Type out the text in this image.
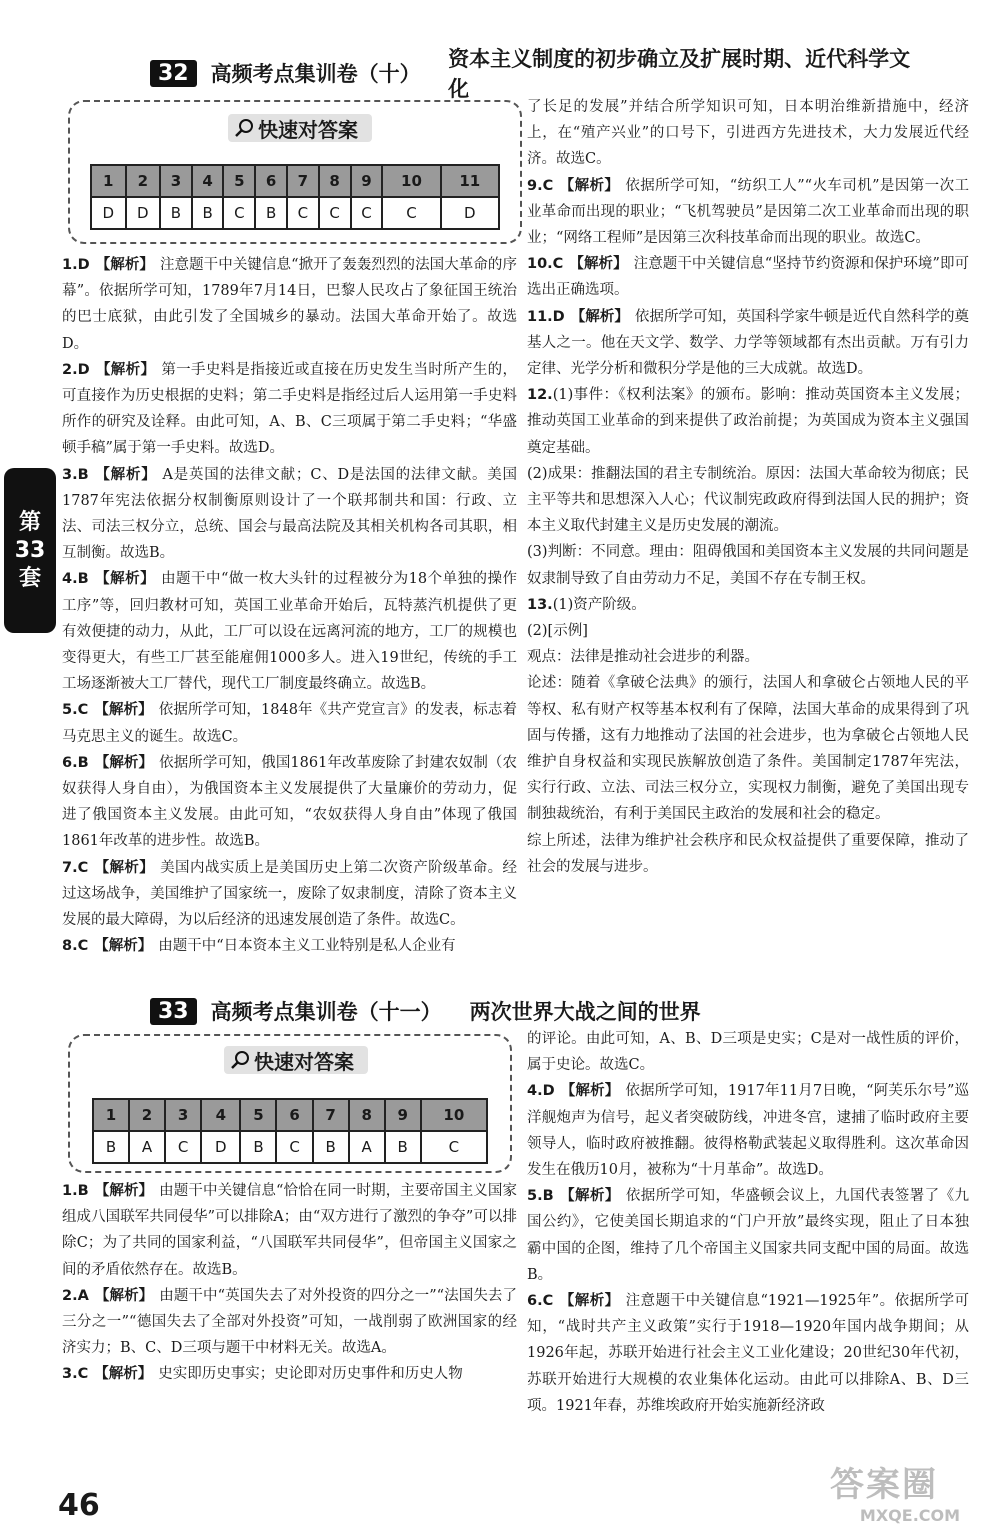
32	高频考点集训卷（十）
资本主义制度的初步确立及扩展时期、近代科学文化
快速对答案
1	2	3	4	5	6	7	8	9	10	11
D	D	B	B	C	B	C	C	C	C	D

1.D 【解析】 注意题干中关键信息“掀开了轰轰烈烈的法国大革命的序幕”。依据所学可知，1789年7月14日，巴黎人民攻占了象征国王统治的巴士底狱，由此引发了全国城乡的暴动。法国大革命开始了。故选D。

2.D 【解析】 第一手史料是指接近或直接在历史发生当时所产生的，可直接作为历史根据的史料；第二手史料是指经过后人运用第一手史料所作的研究及诠释。由此可知，A、B、C三项属于第二手史料；“华盛顿手稿”属于第一手史料。故选D。

3.B 【解析】 A是英国的法律文献；C、D是法国的法律文献。美国1787年宪法依据分权制衡原则设计了一个联邦制共和国：行政、立法、司法三权分立，总统、国会与最高法院及其相关机构各司其职，相互制衡。故选B。

4.B 【解析】 由题干中“做一枚大头针的过程被分为18个单独的操作工序”等，回归教材可知，英国工业革命开始后，瓦特蒸汽机提供了更有效便捷的动力，从此，工厂可以设在远离河流的地方，工厂的规模也变得更大，有些工厂甚至能雇佣1000多人。进入19世纪，传统的手工工场逐渐被大工厂替代，现代工厂制度最终确立。故选B。

5.C 【解析】 依据所学可知，1848年《共产党宣言》的发表，标志着马克思主义的诞生。故选C。

6.B 【解析】 依据所学可知，俄国1861年改革废除了封建农奴制（农奴获得人身自由），为俄国资本主义发展提供了大量廉价的劳动力，促进了俄国资本主义发展。由此可知，“农奴获得人身自由”体现了俄国1861年改革的进步性。故选B。

7.C 【解析】 美国内战实质上是美国历史上第二次资产阶级革命。经过这场战争，美国维护了国家统一，废除了奴隶制度，清除了资本主义发展的最大障碍，为以后经济的迅速发展创造了条件。故选C。

8.C 【解析】 由题干中“日本资本主义工业特别是私人企业有

了长足的发展”并结合所学知识可知，日本明治维新措施中，经济上，在“殖产兴业”的口号下，引进西方先进技术，大力发展近代经济。故选C。

9.C 【解析】 依据所学可知，“纺织工人”“火车司机”是因第一次工业革命而出现的职业；“飞机驾驶员”是因第二次工业革命而出现的职业；“网络工程师”是因第三次科技革命而出现的职业。故选C。

10.C 【解析】 注意题干中关键信息“坚持节约资源和保护环境”即可选出正确选项。

11.D 【解析】 依据所学可知，英国科学家牛顿是近代自然科学的奠基人之一。他在天文学、数学、力学等领域都有杰出贡献。万有引力定律、光学分析和微积分学是他的三大成就。故选D。

12.(1)事件：《权利法案》的颁布。影响：推动英国资本主义发展；推动英国工业革命的到来提供了政治前提；为英国成为资本主义强国奠定基础。

(2)成果：推翻法国的君主专制统治。原因：法国大革命较为彻底；民主平等共和思想深入人心；代议制宪政政府得到法国人民的拥护；资本主义取代封建主义是历史发展的潮流。

(3)判断：不同意。理由：阻碍俄国和美国资本主义发展的共同问题是奴隶制导致了自由劳动力不足，美国不存在专制王权。

13.(1)资产阶级。

(2)[示例]

观点：法律是推动社会进步的利器。

论述：随着《拿破仑法典》的颁行，法国人和拿破仑占领地人民的平等权、私有财产权等基本权利有了保障，法国大革命的成果得到了巩固与传播，这有力地推动了法国的社会进步，也为拿破仑占领地人民维护自身权益和实现民族解放创造了条件。美国制定1787年宪法，实行行政、立法、司法三权分立，实现权力制衡，避免了美国出现专制独裁统治，有利于美国民主政治的发展和社会的稳定。

综上所述，法律为维护社会秩序和民众权益提供了重要保障，推动了社会的发展与进步。

33	高频考点集训卷（十一） 两次世界大战之间的世界
快速对答案
1	2	3	4	5	6	7	8	9	10
B	A	C	D	B	C	B	A	B	C

1.B 【解析】 由题干中关键信息“恰恰在同一时期，主要帝国主义国家组成八国联军共同侵华”可以排除A；由“双方进行了激烈的争夺”可以排除C；为了共同的国家利益，“八国联军共同侵华”，但帝国主义国家之间的矛盾依然存在。故选B。

2.A 【解析】 由题干中“英国失去了对外投资的四分之一”“法国失去了三分之一”“德国失去了全部对外投资”可知，一战削弱了欧洲国家的经济实力；B、C、D三项与题干中材料无关。故选A。

3.C 【解析】 史实即历史事实；史论即对历史事件和历史人物

的评论。由此可知，A、B、D三项是史实；C是对一战性质的评价，属于史论。故选C。

4.D 【解析】 依据所学可知，1917年11月7日晚，“阿芙乐尔号”巡洋舰炮声为信号，起义者突破防线，冲进冬宫，逮捕了临时政府主要领导人，临时政府被推翻。彼得格勒武装起义取得胜利。这次革命因发生在俄历10月，被称为“十月革命”。故选D。

5.B 【解析】 依据所学可知，华盛顿会议上，九国代表签署了《九国公约》，它使美国长期追求的“门户开放”最终实现，阻止了日本独霸中国的企图，维持了几个帝国主义国家共同支配中国的局面。故选B。

6.C 【解析】 注意题干中关键信息“1921—1925年”。依据所学可知，“战时共产主义政策”实行于1918—1920年国内战争期间；从1926年起，苏联开始进行社会主义工业化建设；20世纪30年代初，苏联开始进行大规模的农业集体化运动。由此可以排除A、B、D三项。1921年春，苏维埃政府开始实施新经济政

第
33
套
46
答案圈
MXQE.COM
